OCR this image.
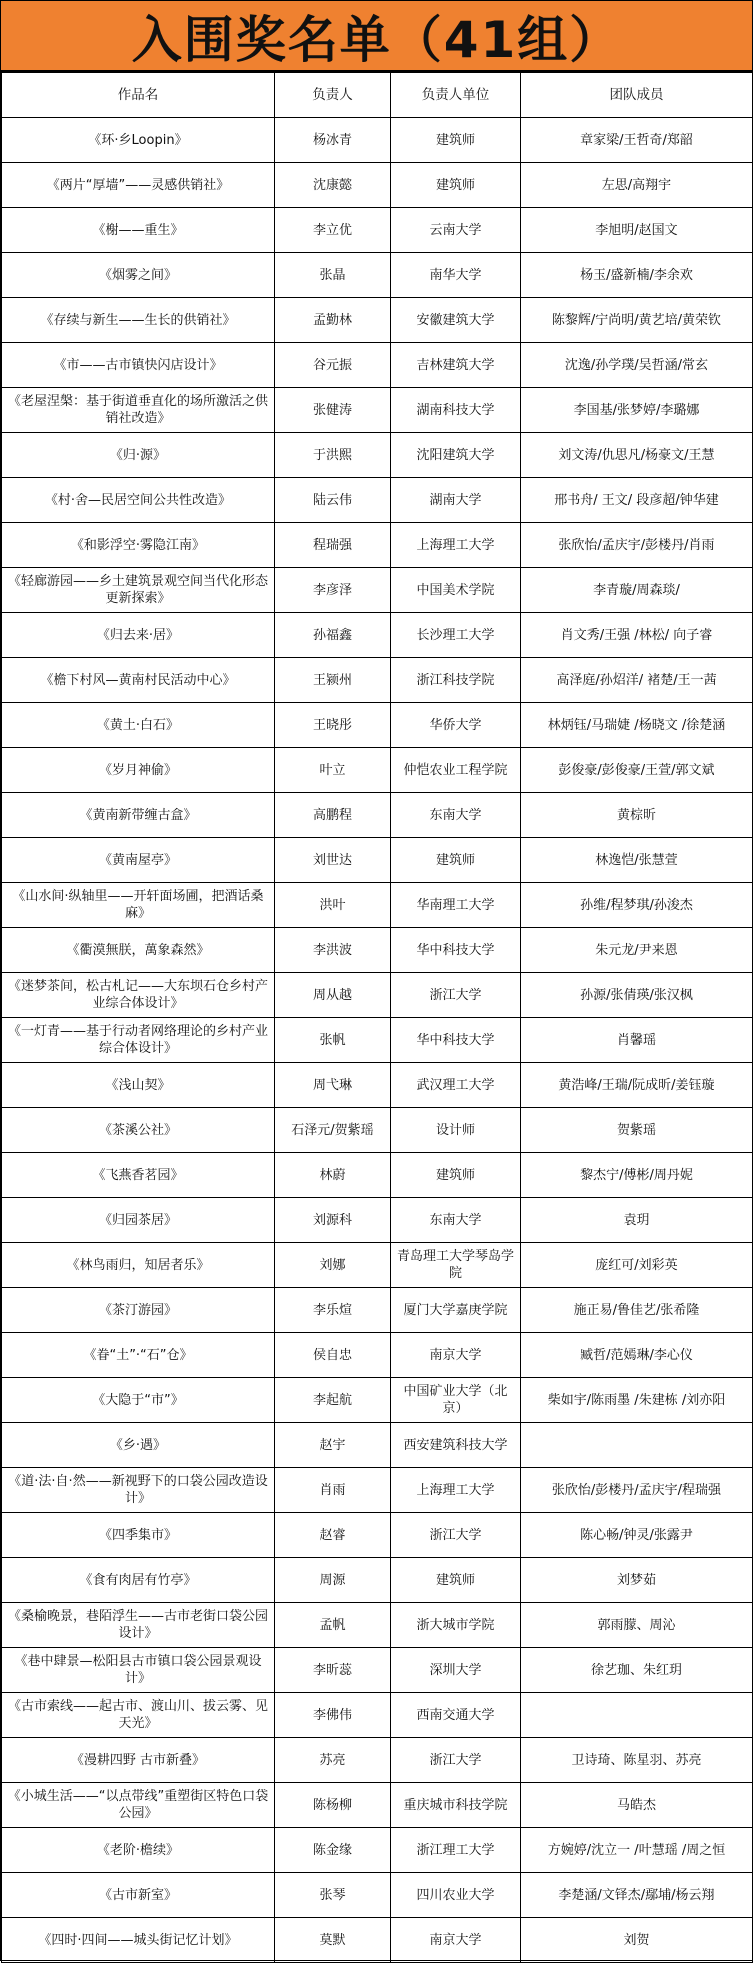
入围奖名单（41组）
作品名	负责人	负责人单位	团队成员
《环·乡Loopin》	杨冰青	建筑师	章家梁/王哲奇/郑韶
《两片“厚墙”——灵感供销社》	沈康懿	建筑师	左思/高翔宇
《榭——重生》	李立优	云南大学	李旭明/赵国文
《烟雾之间》	张晶	南华大学	杨玉/盛新楠/李余欢
《存续与新生——生长的供销社》	孟勤林	安徽建筑大学	陈黎辉/宁尚明/黄艺培/黄荣钦
《市——古市镇快闪店设计》	谷元振	吉林建筑大学	沈逸/孙学璞/吴哲涵/常玄
《老屋涅槃：基于街道垂直化的场所激活之供销社改造》	张健涛	湖南科技大学	李国基/张梦婷/李璐娜
《归·源》	于洪熙	沈阳建筑大学	刘文涛/仇思凡/杨豪文/王慧
《村·舍—民居空间公共性改造》	陆云伟	湖南大学	邢书舟/ 王文/ 段彦超/钟华建
《和影浮空·雾隐江南》	程瑞强	上海理工大学	张欣怡/孟庆宇/彭楼丹/肖雨
《轻廊游园——乡土建筑景观空间当代化形态更新探索》	李彦泽	中国美术学院	李青璇/周森琰/
《归去来·居》	孙福鑫	长沙理工大学	肖文秀/王强 /林松/ 向子睿
《檐下村风—黄南村民活动中心》	王颍州	浙江科技学院	高泽庭/孙炤洋/ 褚楚/王一茜
《黄土·白石》	王晓彤	华侨大学	林炳钰/马瑞婕 /杨晓文 /徐楚涵
《岁月神偷》	叶立	仲恺农业工程学院	彭俊豪/彭俊豪/王萱/郭文斌
《黄南新带缠古盒》	高鹏程	东南大学	黄棕昕
《黄南屋亭》	刘世达	建筑师	林逸恺/张慧萱
《山水间·纵轴里——开轩面场圃，把酒话桑麻》	洪叶	华南理工大学	孙维/程梦琪/孙浚杰
《衢漠無朕，萬象森然》	李洪波	华中科技大学	朱元龙/尹来恩
《迷梦茶间，松古札记——大东坝石仓乡村产业综合体设计》	周从越	浙江大学	孙源/张倩瑛/张汉枫
《一灯青——基于行动者网络理论的乡村产业综合体设计》	张帆	华中科技大学	肖馨瑶
《浅山契》	周弋琳	武汉理工大学	黄浩峰/王瑞/阮成昕/姜钰璇
《茶溪公社》	石泽元/贺紫瑶	设计师	贺紫瑶
《飞燕香茗园》	林蔚	建筑师	黎杰宁/傅彬/周丹妮
《归园茶居》	刘源科	东南大学	袁玥
《林鸟雨归，知居者乐》	刘娜	青岛理工大学琴岛学院	庞红可/刘彩英
《茶汀游园》	李乐煊	厦门大学嘉庚学院	施正易/鲁佳艺/张希隆
《眷“土”·“石”仓》	侯自忠	南京大学	臧哲/范嫣琳/李心仪
《大隐于“市”》	李起航	中国矿业大学（北京）	柴如宇/陈雨墨 /朱建栋 /刘亦阳
《乡·遇》	赵宇	西安建筑科技大学	
《道·法·自·然——新视野下的口袋公园改造设计》	肖雨	上海理工大学	张欣怡/彭楼丹/孟庆宇/程瑞强
《四季集市》	赵睿	浙江大学	陈心畅/钟灵/张露尹
《食有肉居有竹亭》	周源	建筑师	刘梦茹
《桑榆晚景，巷陌浮生——古市老街口袋公园设计》	孟帆	浙大城市学院	郭雨朦、周沁
《巷中肆景—松阳县古市镇口袋公园景观设计》	李昕蕊	深圳大学	徐艺珈、朱红玥
《古市索线——起古市、渡山川、拔云雾、见天光》	李佛伟	西南交通大学	
《漫耕四野 古市新叠》	苏亮	浙江大学	卫诗琦、陈星羽、苏亮
《小城生活——“以点带线”重塑街区特色口袋公园》	陈杨柳	重庆城市科技学院	马皓杰
《老阶·檐续》	陈金缘	浙江理工大学	方婉婷/沈立一 /叶慧瑶 /周之恒
《古市新室》	张琴	四川农业大学	李楚涵/文铎杰/鄢埔/杨云翔
《四时·四间——城头街记忆计划》	莫默	南京大学	刘贺
